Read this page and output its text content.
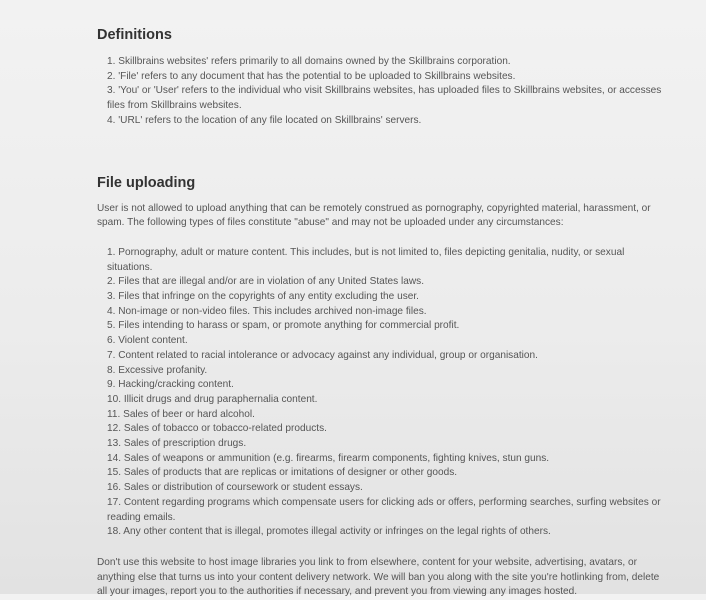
Definitions
1. Skillbrains websites' refers primarily to all domains owned by the Skillbrains corporation.
2. 'File' refers to any document that has the potential to be uploaded to Skillbrains websites.
3. 'You' or 'User' refers to the individual who visit Skillbrains websites, has uploaded files to Skillbrains websites, or accesses files from Skillbrains websites.
4. 'URL' refers to the location of any file located on Skillbrains' servers.
File uploading

User is not allowed to upload anything that can be remotely construed as pornography, copyrighted material, harassment, or spam. The following types of files constitute "abuse" and may not be uploaded under any circumstances:

1. Pornography, adult or mature content. This includes, but is not limited to, files depicting genitalia, nudity, or sexual situations.
2. Files that are illegal and/or are in violation of any United States laws.
3. Files that infringe on the copyrights of any entity excluding the user.
4. Non-image or non-video files. This includes archived non-image files.
5. Files intending to harass or spam, or promote anything for commercial profit.
6. Violent content.
7. Content related to racial intolerance or advocacy against any individual, group or organisation.
8. Excessive profanity.
9. Hacking/cracking content.
10. Illicit drugs and drug paraphernalia content.
11. Sales of beer or hard alcohol.
12. Sales of tobacco or tobacco-related products.
13. Sales of prescription drugs.
14. Sales of weapons or ammunition (e.g. firearms, firearm components, fighting knives, stun guns.
15. Sales of products that are replicas or imitations of designer or other goods.
16. Sales or distribution of coursework or student essays.
17. Content regarding programs which compensate users for clicking ads or offers, performing searches, surfing websites or reading emails.
18. Any other content that is illegal, promotes illegal activity or infringes on the legal rights of others.

Don't use this website to host image libraries you link to from elsewhere, content for your website, advertising, avatars, or anything else that turns us into your content delivery network. We will ban you along with the site you're hotlinking from, delete all your images, report you to the authorities if necessary, and prevent you from viewing any images hosted.
